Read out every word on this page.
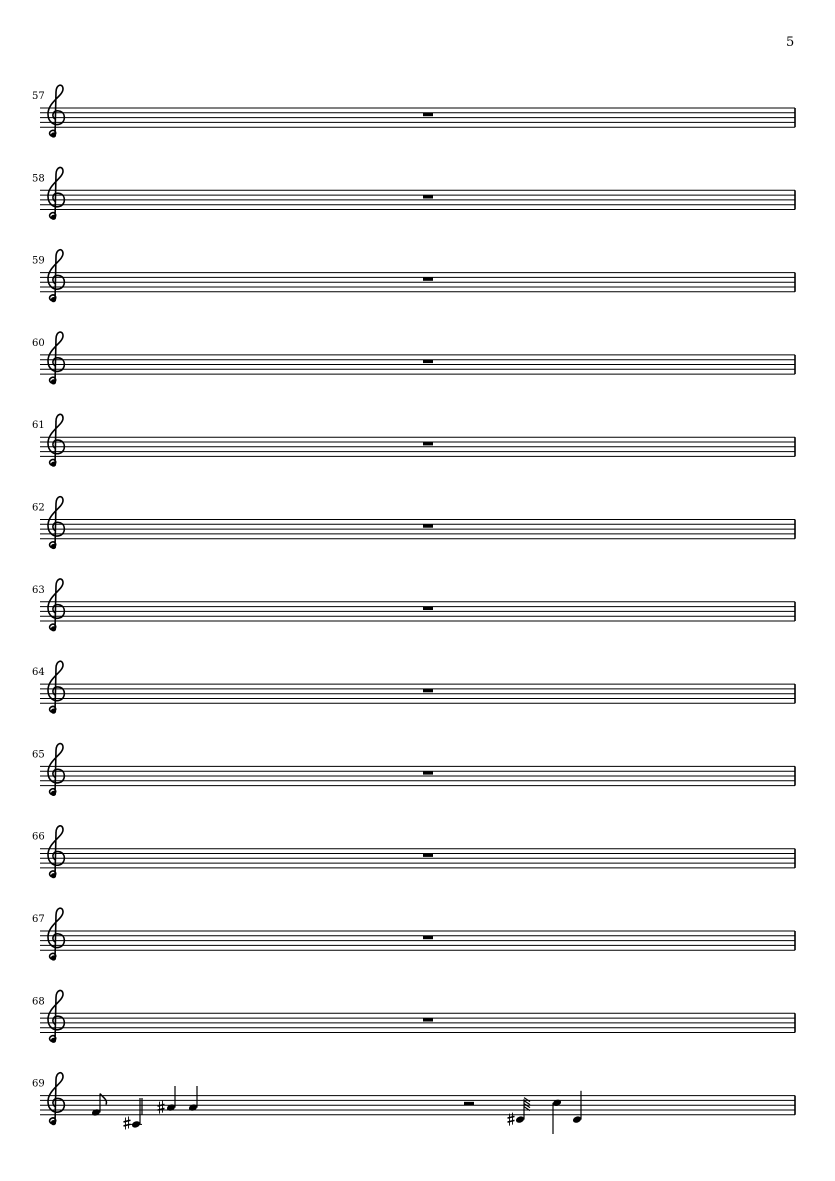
5
57
58
59
60
61
62
63
64
65
66
67
68
69
